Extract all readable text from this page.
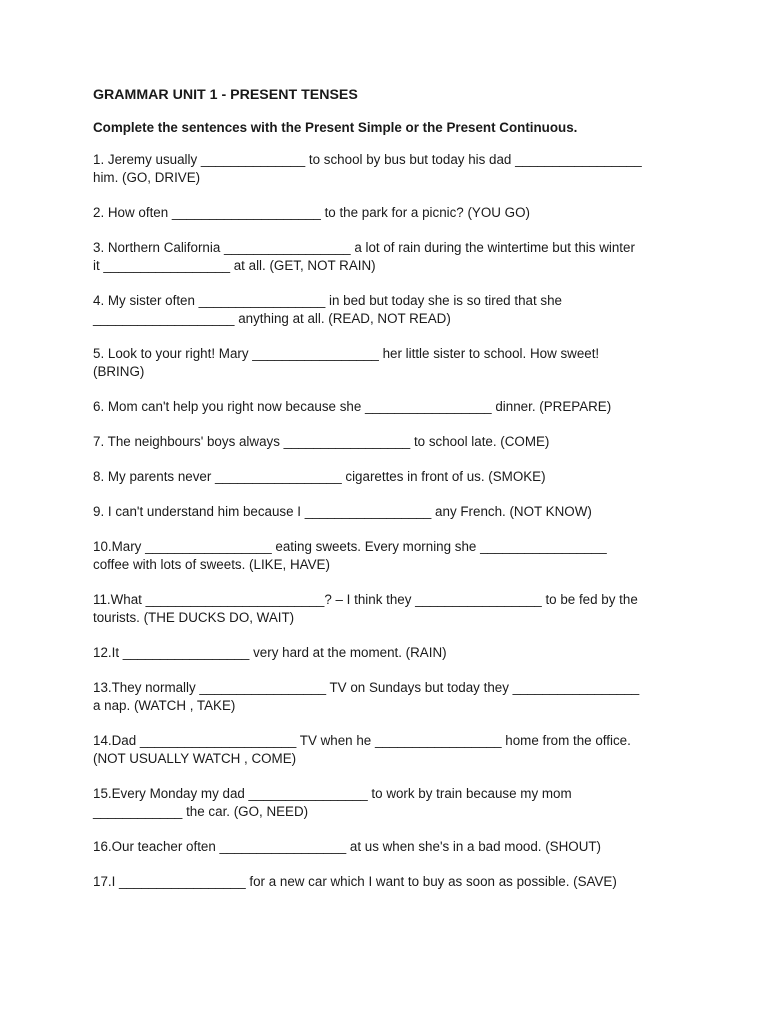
GRAMMAR UNIT 1 - PRESENT TENSES
Complete the sentences with the Present Simple or the Present Continuous.
1. Jeremy usually ______________ to school by bus but today his dad _________________
him. (GO, DRIVE)
2. How often ____________________ to the park for a picnic? (YOU GO)
3. Northern California _________________ a lot of rain during the wintertime but this winter
it _________________ at all. (GET, NOT RAIN)
4. My sister often _________________ in bed but today she is so tired that she
___________________ anything at all. (READ, NOT READ)
5. Look to your right! Mary _________________ her little sister to school. How sweet!
(BRING)
6. Mom can't help you right now because she _________________ dinner. (PREPARE)
7. The neighbours' boys always _________________ to school late. (COME)
8. My parents never _________________ cigarettes in front of us. (SMOKE)
9. I can't understand him because I _________________ any French. (NOT KNOW)
10.Mary _________________ eating sweets. Every morning she _________________
coffee with lots of sweets. (LIKE, HAVE)
11.What ________________________? – I think they _________________ to be fed by the
tourists. (THE DUCKS DO, WAIT)
12.It _________________ very hard at the moment. (RAIN)
13.They normally _________________ TV on Sundays but today they _________________
a nap. (WATCH , TAKE)
14.Dad _____________________ TV when he _________________ home from the office.
(NOT USUALLY WATCH , COME)
15.Every Monday my dad ________________ to work by train because my mom
____________ the car. (GO, NEED)
16.Our teacher often _________________ at us when she's in a bad mood. (SHOUT)
17.I _________________ for a new car which I want to buy as soon as possible. (SAVE)
